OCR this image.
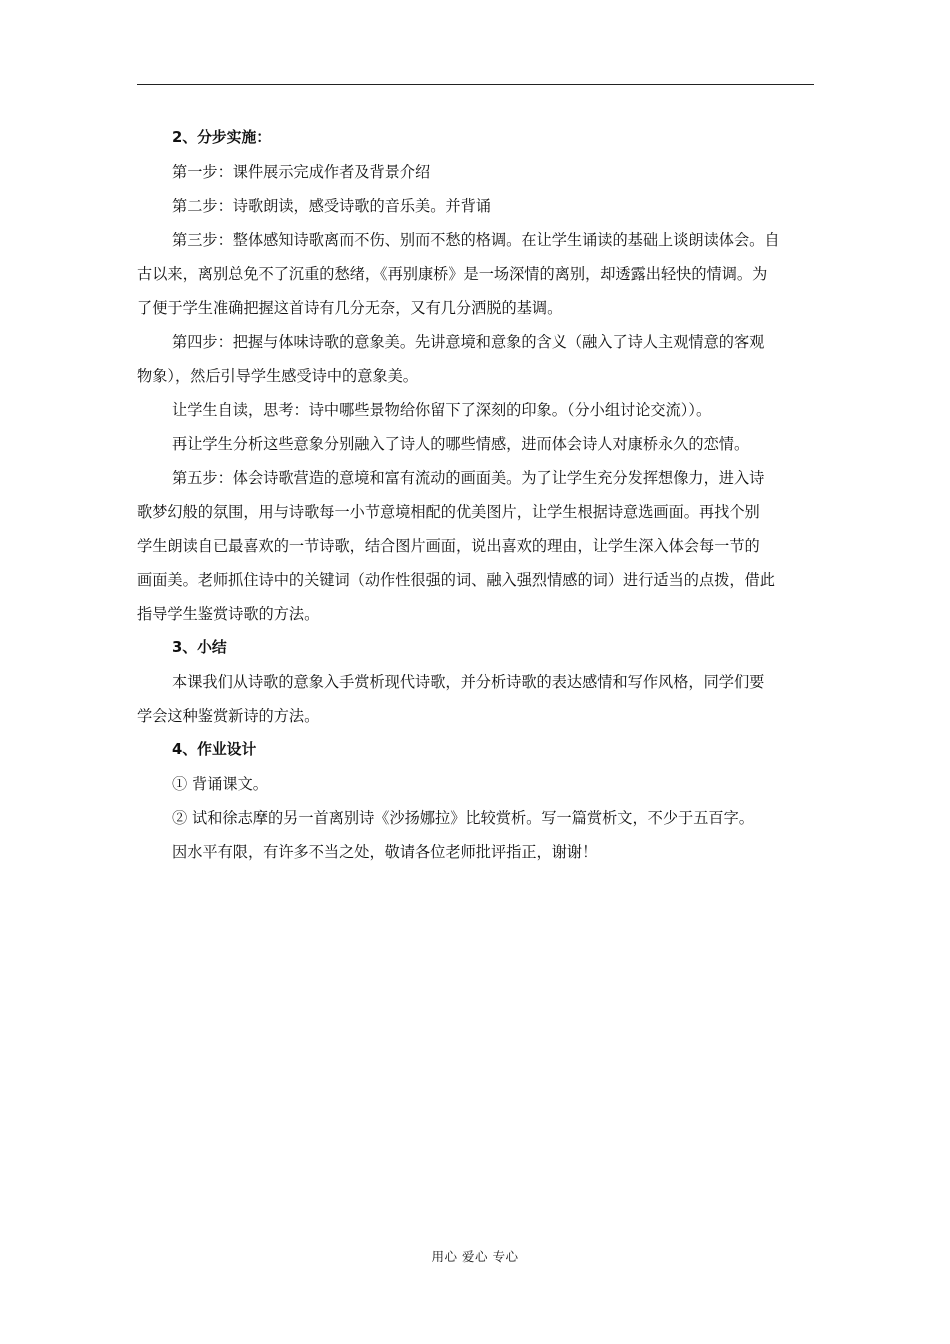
2、分步实施：
第一步：课件展示完成作者及背景介绍
第二步：诗歌朗读，感受诗歌的音乐美。并背诵
第三步：整体感知诗歌离而不伤、别而不愁的格调。在让学生诵读的基础上谈朗读体会。自
古以来，离别总免不了沉重的愁绪，《再别康桥》是一场深情的离别，却透露出轻快的情调。为
了便于学生准确把握这首诗有几分无奈，又有几分洒脱的基调。
第四步：把握与体味诗歌的意象美。先讲意境和意象的含义（融入了诗人主观情意的客观
物象），然后引导学生感受诗中的意象美。
让学生自读，思考：诗中哪些景物给你留下了深刻的印象。（分小组讨论交流））。
再让学生分析这些意象分别融入了诗人的哪些情感，进而体会诗人对康桥永久的恋情。
第五步：体会诗歌营造的意境和富有流动的画面美。为了让学生充分发挥想像力，进入诗
歌梦幻般的氛围，用与诗歌每一小节意境相配的优美图片，让学生根据诗意选画面。再找个别
学生朗读自已最喜欢的一节诗歌，结合图片画面，说出喜欢的理由，让学生深入体会每一节的
画面美。老师抓住诗中的关键词（动作性很强的词、融入强烈情感的词）进行适当的点拨，借此
指导学生鉴赏诗歌的方法。
3、小结
本课我们从诗歌的意象入手赏析现代诗歌，并分析诗歌的表达感情和写作风格，同学们要
学会这种鉴赏新诗的方法。
4、作业设计
① 背诵课文。
② 试和徐志摩的另一首离别诗《沙扬娜拉》比较赏析。写一篇赏析文，不少于五百字。
因水平有限，有许多不当之处，敬请各位老师批评指正，谢谢！
用心 爱心 专心
